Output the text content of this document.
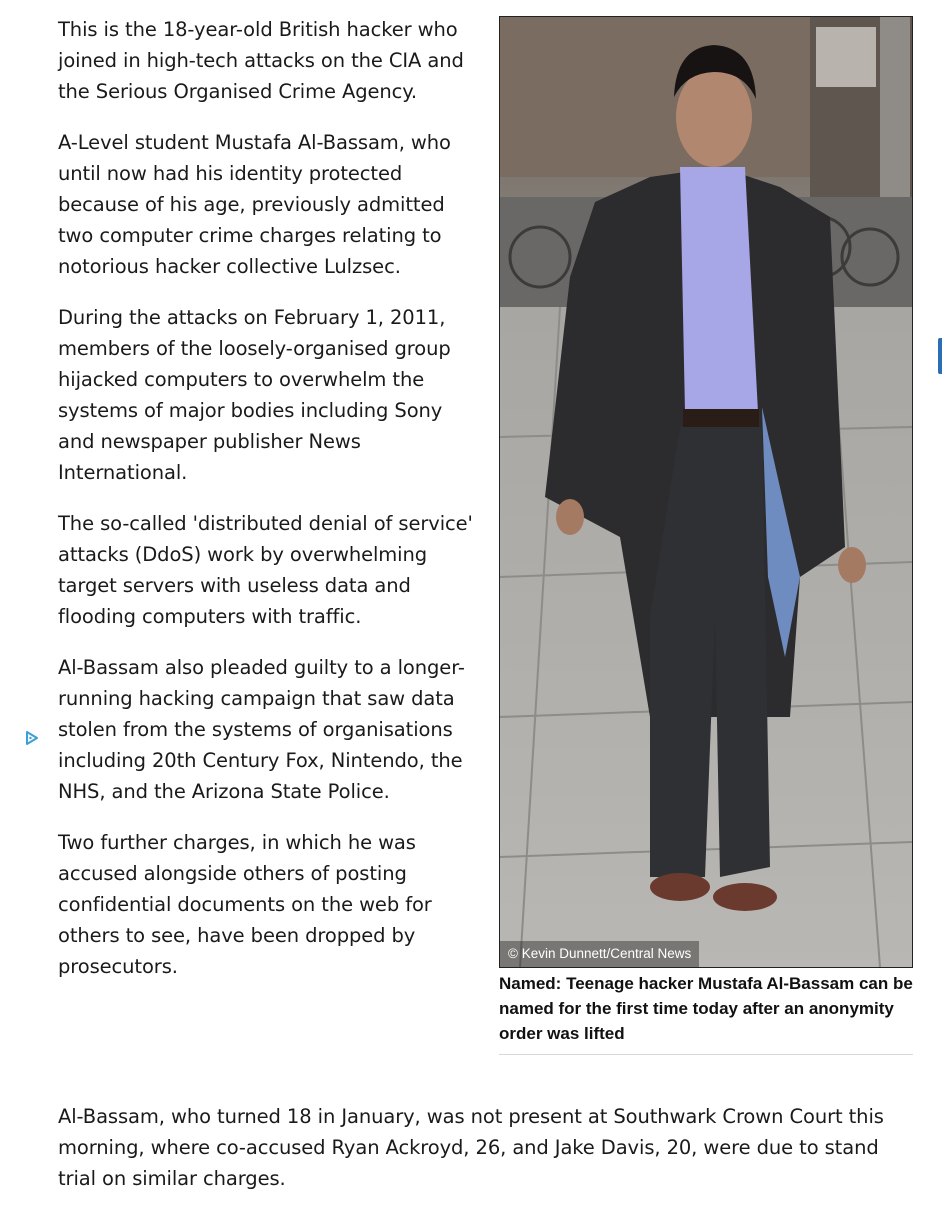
This is the 18-year-old British hacker who joined in high-tech attacks on the CIA and the Serious Organised Crime Agency.

A-Level student Mustafa Al-Bassam, who until now had his identity protected because of his age, previously admitted two computer crime charges relating to notorious hacker collective Lulzsec.

During the attacks on February 1, 2011, members of the loosely-organised group hijacked computers to overwhelm the systems of major bodies including Sony and newspaper publisher News International.

The so-called 'distributed denial of service' attacks (DdoS) work by overwhelming target servers with useless data and flooding computers with traffic.

Al-Bassam also pleaded guilty to a longer-running hacking campaign that saw data stolen from the systems of organisations including 20th Century Fox, Nintendo, the NHS, and the Arizona State Police.

Two further charges, in which he was accused alongside others of posting confidential documents on the web for others to see, have been dropped by prosecutors.

© Kevin Dunnett/Central News
Named: Teenage hacker Mustafa Al-Bassam can be named for the first time today after an anonymity order was lifted

Al-Bassam, who turned 18 in January, was not present at Southwark Crown Court this morning, where co-accused Ryan Ackroyd, 26, and Jake Davis, 20, were due to stand trial on similar charges.
